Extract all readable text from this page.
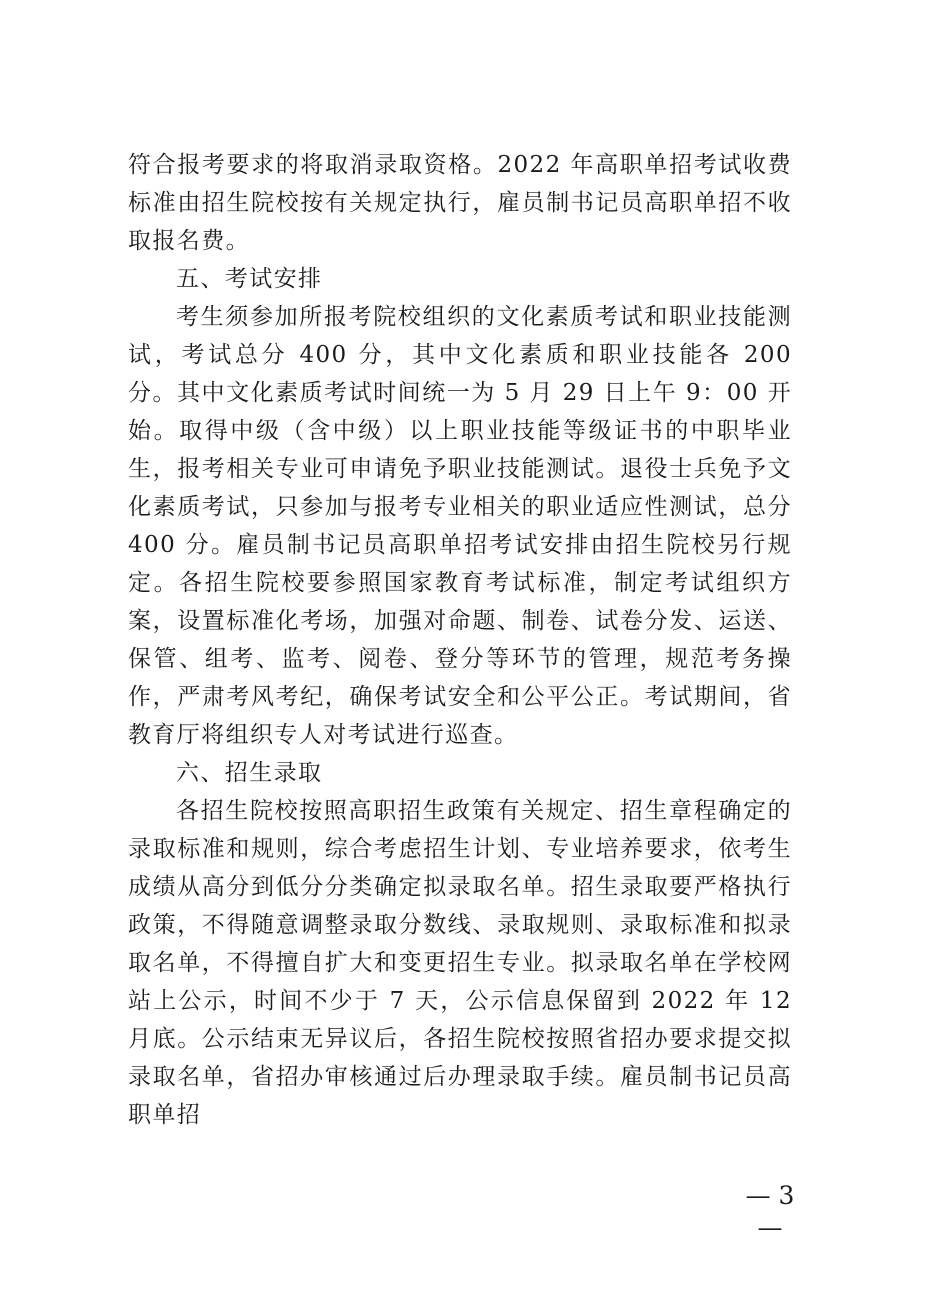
符合报考要求的将取消录取资格。2022 年高职单招考试收费标准由招生院校按有关规定执行，雇员制书记员高职单招不收取报名费。

五、考试安排

考生须参加所报考院校组织的文化素质考试和职业技能测试，考试总分 400 分，其中文化素质和职业技能各 200 分。其中文化素质考试时间统一为 5 月 29 日上午 9：00 开始。取得中级（含中级）以上职业技能等级证书的中职毕业生，报考相关专业可申请免予职业技能测试。退役士兵免予文化素质考试，只参加与报考专业相关的职业适应性测试，总分 400 分。雇员制书记员高职单招考试安排由招生院校另行规定。各招生院校要参照国家教育考试标准，制定考试组织方案，设置标准化考场，加强对命题、制卷、试卷分发、运送、保管、组考、监考、阅卷、登分等环节的管理，规范考务操作，严肃考风考纪，确保考试安全和公平公正。考试期间，省教育厅将组织专人对考试进行巡查。

六、招生录取

各招生院校按照高职招生政策有关规定、招生章程确定的录取标准和规则，综合考虑招生计划、专业培养要求，依考生成绩从高分到低分分类确定拟录取名单。招生录取要严格执行政策，不得随意调整录取分数线、录取规则、录取标准和拟录取名单，不得擅自扩大和变更招生专业。拟录取名单在学校网站上公示，时间不少于 7 天，公示信息保留到 2022 年 12 月底。公示结束无异议后，各招生院校按照省招办要求提交拟录取名单，省招办审核通过后办理录取手续。雇员制书记员高职单招

— 3 —
